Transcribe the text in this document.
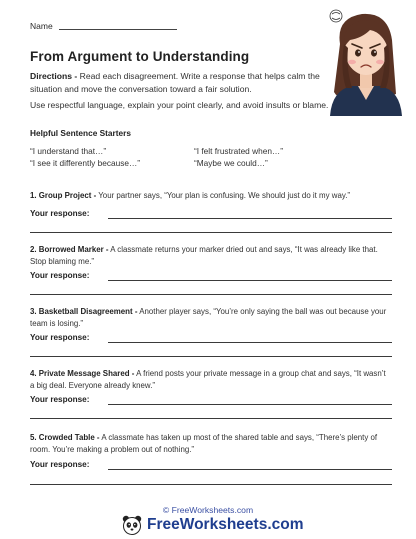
Name
From Argument to Understanding
Directions - Read each disagreement. Write a response that helps calm the situation and move the conversation toward a fair solution.
Use respectful language, explain your point clearly, and avoid insults or blame.
Helpful Sentence Starters
“I understand that…”	“I felt frustrated when…”
“I see it differently because…”	“Maybe we could…”
1. Group Project - Your partner says, “Your plan is confusing. We should just do it my way.”
Your response:
2. Borrowed Marker - A classmate returns your marker dried out and says, “It was already like that. Stop blaming me.”
Your response:
3. Basketball Disagreement - Another player says, “You’re only saying the ball was out because your team is losing.”
Your response:
4. Private Message Shared - A friend posts your private message in a group chat and says, “It wasn’t a big deal. Everyone already knew.”
Your response:
5. Crowded Table - A classmate has taken up most of the shared table and says, “There’s plenty of room. You’re making a problem out of nothing.”
Your response:
© FreeWorksheets.com
FreeWorksheets.com
